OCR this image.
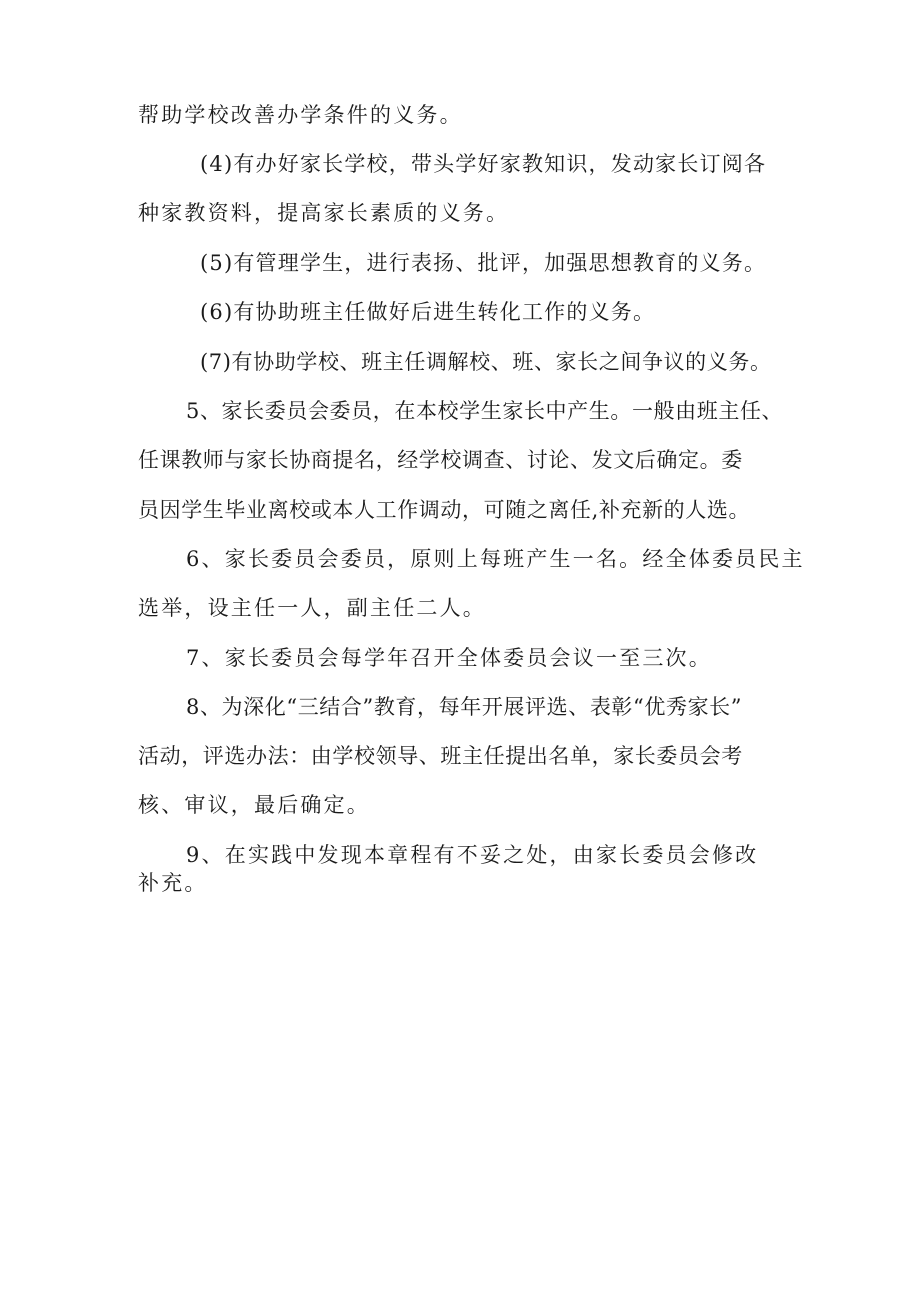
帮助学校改善办学条件的义务。
(4)有办好家长学校，带头学好家教知识，发动家长订阅各
种家教资料，提高家长素质的义务。
(5)有管理学生，进行表扬、批评，加强思想教育的义务。
(6)有协助班主任做好后进生转化工作的义务。
(7)有协助学校、班主任调解校、班、家长之间争议的义务。
5、家长委员会委员，在本校学生家长中产生。一般由班主任、
任课教师与家长协商提名，经学校调查、讨论、发文后确定。委
员因学生毕业离校或本人工作调动，可随之离任,补充新的人选。
6、家长委员会委员，原则上每班产生一名。经全体委员民主
选举，设主任一人，副主任二人。
7、家长委员会每学年召开全体委员会议一至三次。
8、为深化“三结合”教育，每年开展评选、表彰“优秀家长”
活动，评选办法：由学校领导、班主任提出名单，家长委员会考
核、审议，最后确定。
9、在实践中发现本章程有不妥之处，由家长委员会修改
补充。
